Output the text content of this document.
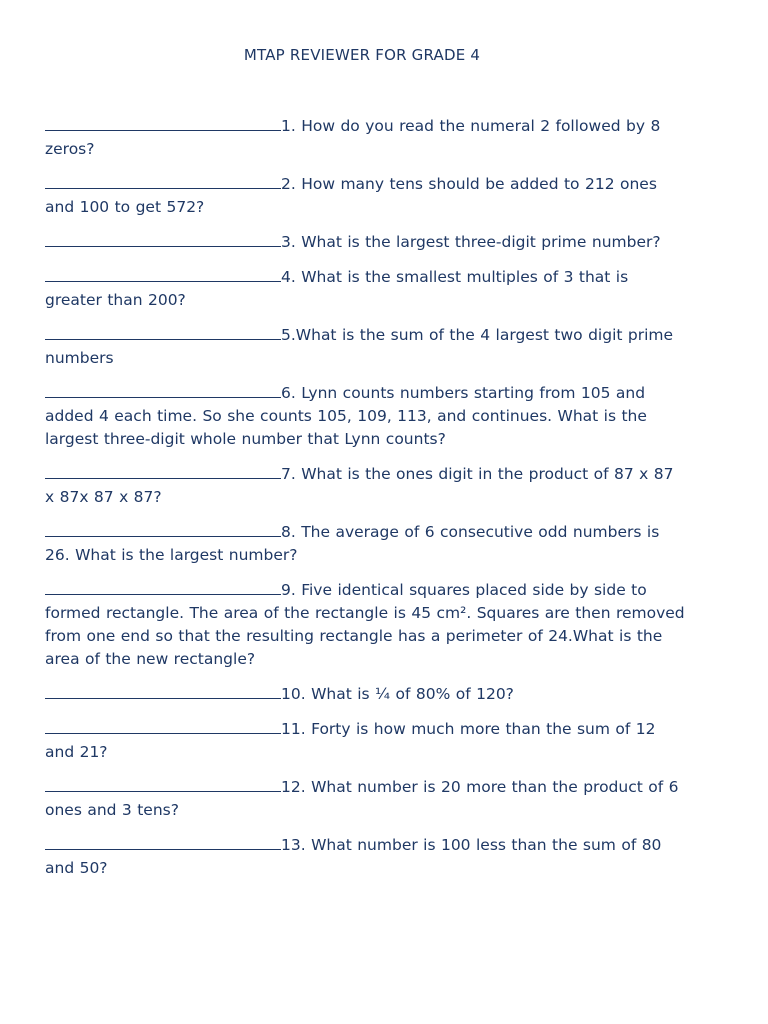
MTAP REVIEWER FOR GRADE 4
1. How do you read the numeral 2 followed by 8 zeros?
2. How many tens should be added to 212 ones and 100 to get 572?
3. What is the largest three-digit prime number?
4. What is the smallest multiples of 3 that is greater than 200?
5.What is the sum of the 4 largest two digit prime numbers
6. Lynn counts numbers starting from 105 and added 4 each time. So she counts 105, 109, 113, and continues. What is the largest three-digit whole number that Lynn counts?
7. What is the ones digit in the product of 87 x 87 x 87x 87 x 87?
8. The average of 6 consecutive odd numbers is 26. What is the largest number?
9. Five identical squares placed side by side to formed rectangle. The area of the rectangle is 45 cm². Squares are then removed from one end so that the resulting rectangle has a perimeter of 24.What is the area of the new rectangle?
10. What is ¼ of 80% of 120?
11. Forty is how much more than the sum of 12 and 21?
12. What number is 20 more than the product of 6 ones and 3 tens?
13. What number is 100 less than the sum of 80 and 50?
